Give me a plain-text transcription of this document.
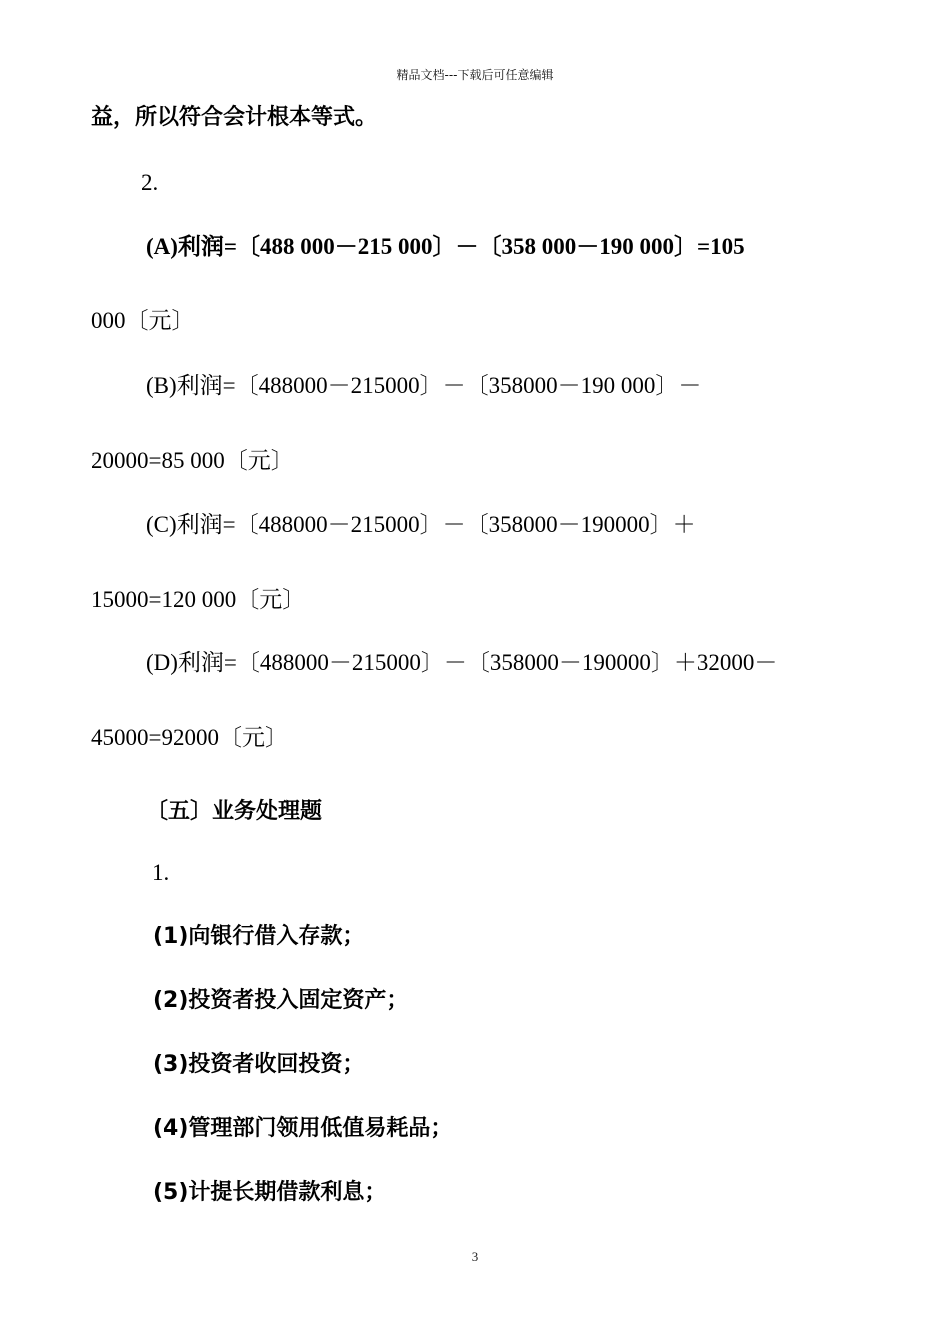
精品文档---下载后可任意编辑
益，所以符合会计根本等式。
2.
(A)利润=〔488 000－215 000〕－〔358 000－190 000〕=105
000〔元〕
(B)利润=〔488000－215000〕－〔358000－190 000〕－
20000=85 000〔元〕
(C)利润=〔488000－215000〕－〔358000－190000〕＋
15000=120 000〔元〕
(D)利润=〔488000－215000〕－〔358000－190000〕＋32000－
45000=92000〔元〕
〔五〕业务处理题
1.
(1)向银行借入存款；
(2)投资者投入固定资产；
(3)投资者收回投资；
(4)管理部门领用低值易耗品；
(5)计提长期借款利息；
3
